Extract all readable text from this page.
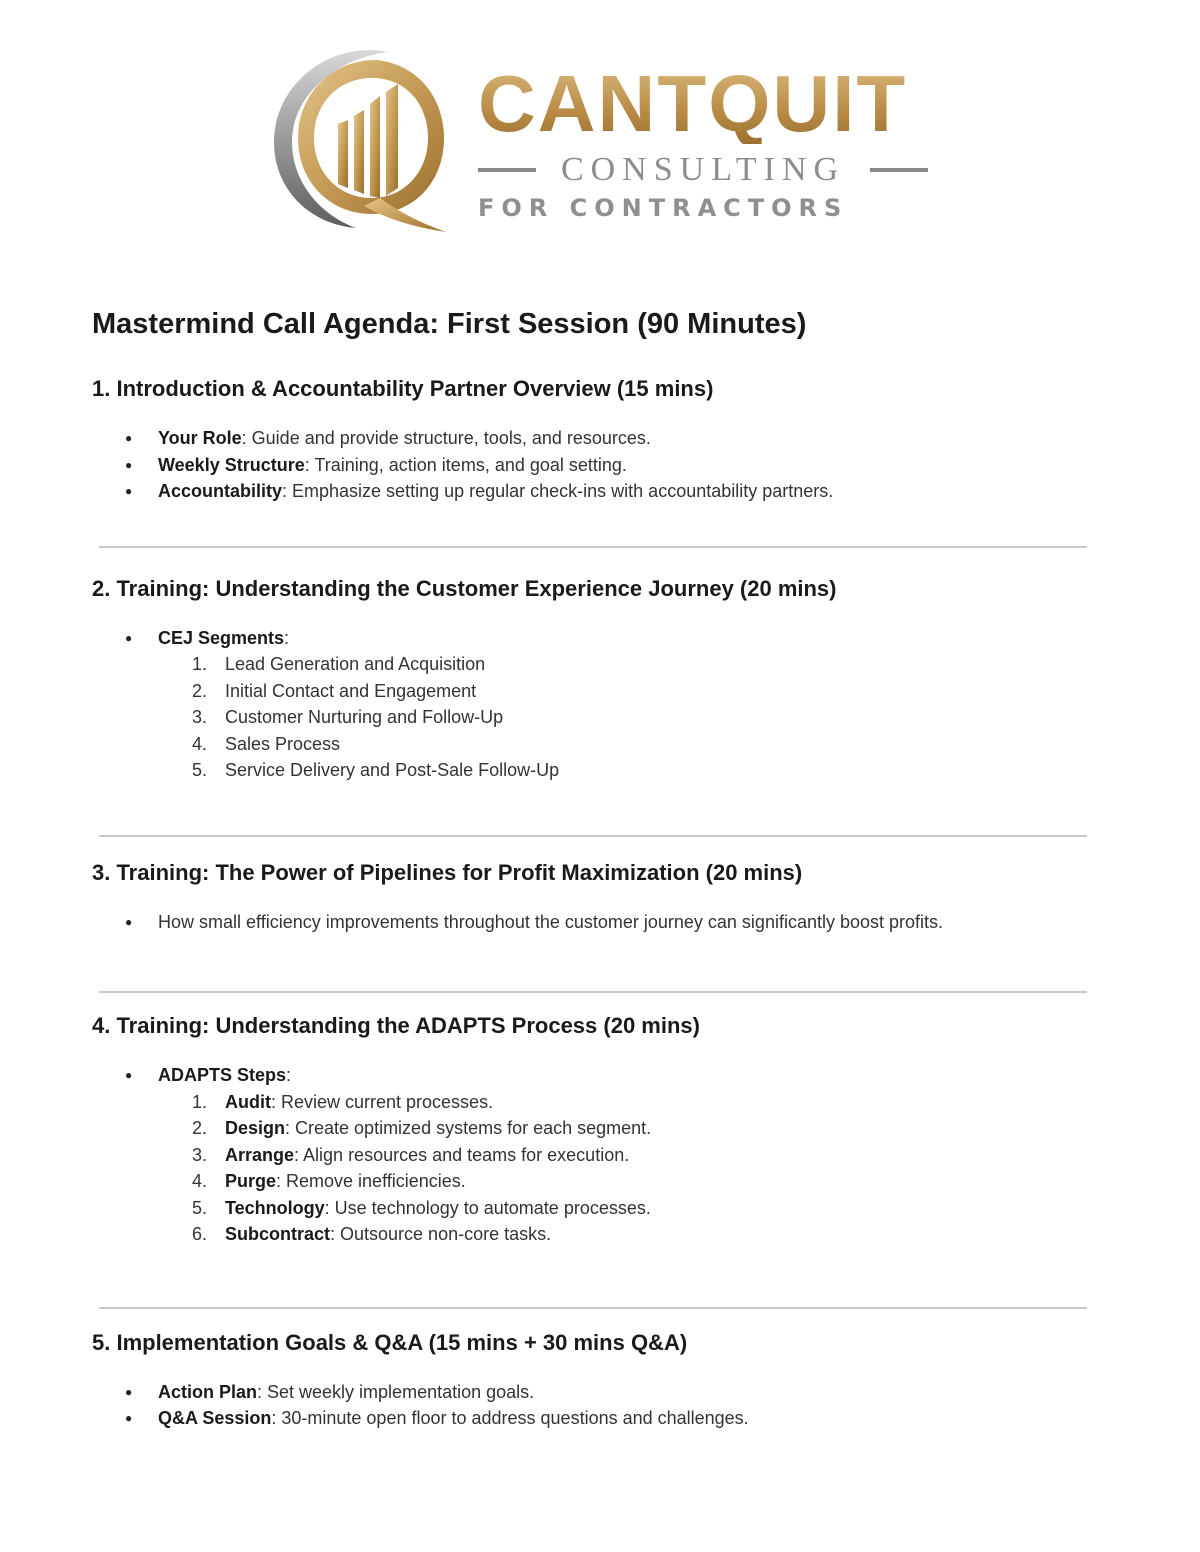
CANTQUIT
CONSULTING
FOR CONTRACTORS
Mastermind Call Agenda: First Session (90 Minutes)
1. Introduction & Accountability Partner Overview (15 mins)
● Your Role: Guide and provide structure, tools, and resources.
● Weekly Structure: Training, action items, and goal setting.
● Accountability: Emphasize setting up regular check-ins with accountability partners.
2. Training: Understanding the Customer Experience Journey (20 mins)
● CEJ Segments:
1. Lead Generation and Acquisition
2. Initial Contact and Engagement
3. Customer Nurturing and Follow-Up
4. Sales Process
5. Service Delivery and Post-Sale Follow-Up
3. Training: The Power of Pipelines for Profit Maximization (20 mins)
● How small efficiency improvements throughout the customer journey can significantly boost profits.
4. Training: Understanding the ADAPTS Process (20 mins)
● ADAPTS Steps:
1. Audit: Review current processes.
2. Design: Create optimized systems for each segment.
3. Arrange: Align resources and teams for execution.
4. Purge: Remove inefficiencies.
5. Technology: Use technology to automate processes.
6. Subcontract: Outsource non-core tasks.
5. Implementation Goals & Q&A (15 mins + 30 mins Q&A)
● Action Plan: Set weekly implementation goals.
● Q&A Session: 30-minute open floor to address questions and challenges.
